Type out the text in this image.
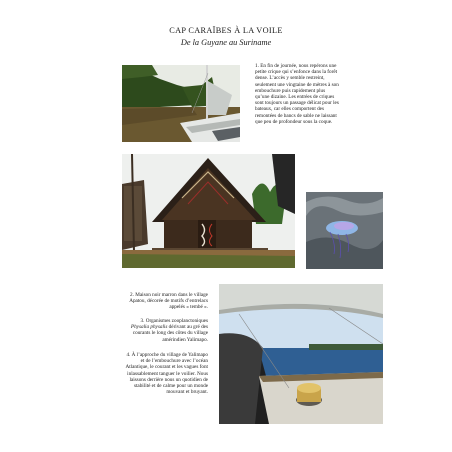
CAP CARAÏBES À LA VOILE
De la Guyane au Suriname
1. En fin de journée, nous repérons une petite crique qui s’enfonce dans la forêt dense. L’accès y semble restreint, seulement une vingtaine de mètres à son embouchure puis rapidement plus qu’une dizaine. Les entrées de criques sont toujours un passage délicat pour les bateaux, car elles comportent des remontées de bancs de sable ne laissant que peu de profondeur sous la coque.
2. Maison noir marron dans le village Apatou, décorée de motifs d’entrelacs appelés « tembé ».
3. Organismes zooplanctoniques Physalia physalis dérivant au gré des courants le long des côtes du village amérindien Yalimapo.
4. À l’approche du village de Yalimapo et de l’embouchure avec l’océan Atlantique, le courant et les vagues font inlassablement tanguer le voilier. Nous laissons derrière nous un quotidien de stabilité et de calme pour un monde mouvant et bruyant.
